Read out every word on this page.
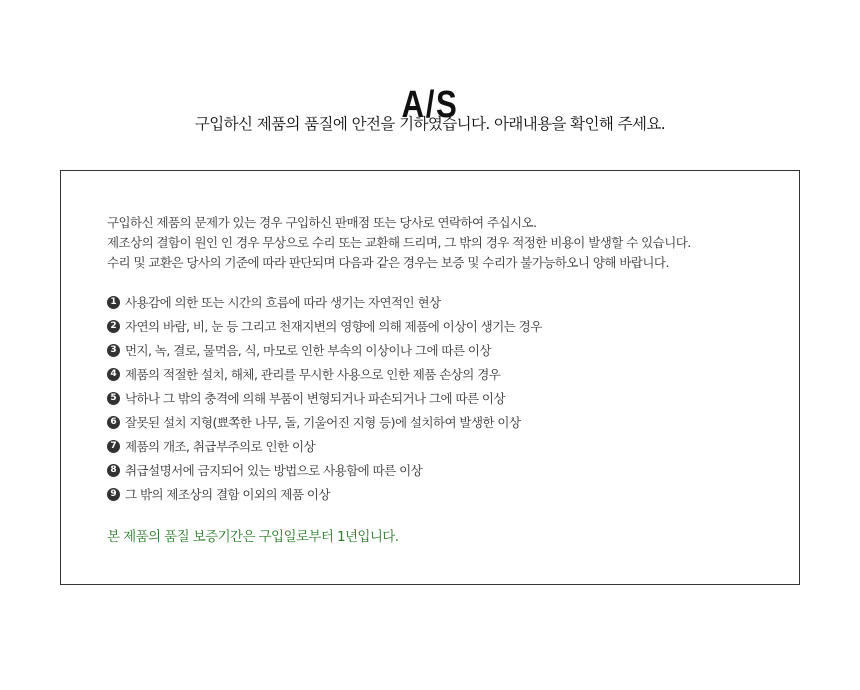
A/S
구입하신 제품의 품질에 안전을 기하였습니다. 아래내용을 확인해 주세요.
구입하신 제품의 문제가 있는 경우 구입하신 판매점 또는 당사로 연락하여 주십시오.
제조상의 결함이 원인 인 경우 무상으로 수리 또는 교환해 드리며, 그 밖의 경우 적정한 비용이 발생할 수 있습니다.
수리 및 교환은 당사의 기준에 따라 판단되며 다음과 같은 경우는 보증 및 수리가 불가능하오니 양해 바랍니다.
1 사용감에 의한 또는 시간의 흐름에 따라 생기는 자연적인 현상
2 자연의 바람, 비, 눈 등 그리고 천재지변의 영향에 의해 제품에 이상이 생기는 경우
3 먼지, 녹, 결로, 물먹음, 식, 마모로 인한 부속의 이상이나 그에 따른 이상
4 제품의 적절한 설치, 해체, 관리를 무시한 사용으로 인한 제품 손상의 경우
5 낙하나 그 밖의 충격에 의해 부품이 변형되거나 파손되거나 그에 따른 이상
6 잘못된 설치 지형(뾰쪽한 나무, 돌, 기울어진 지형 등)에 설치하여 발생한 이상
7 제품의 개조, 취급부주의로 인한 이상
8 취급설명서에 금지되어 있는 방법으로 사용함에 따른 이상
9 그 밖의 제조상의 결함 이외의 제품 이상
본 제품의 품질 보증기간은 구입일로부터 1년입니다.
